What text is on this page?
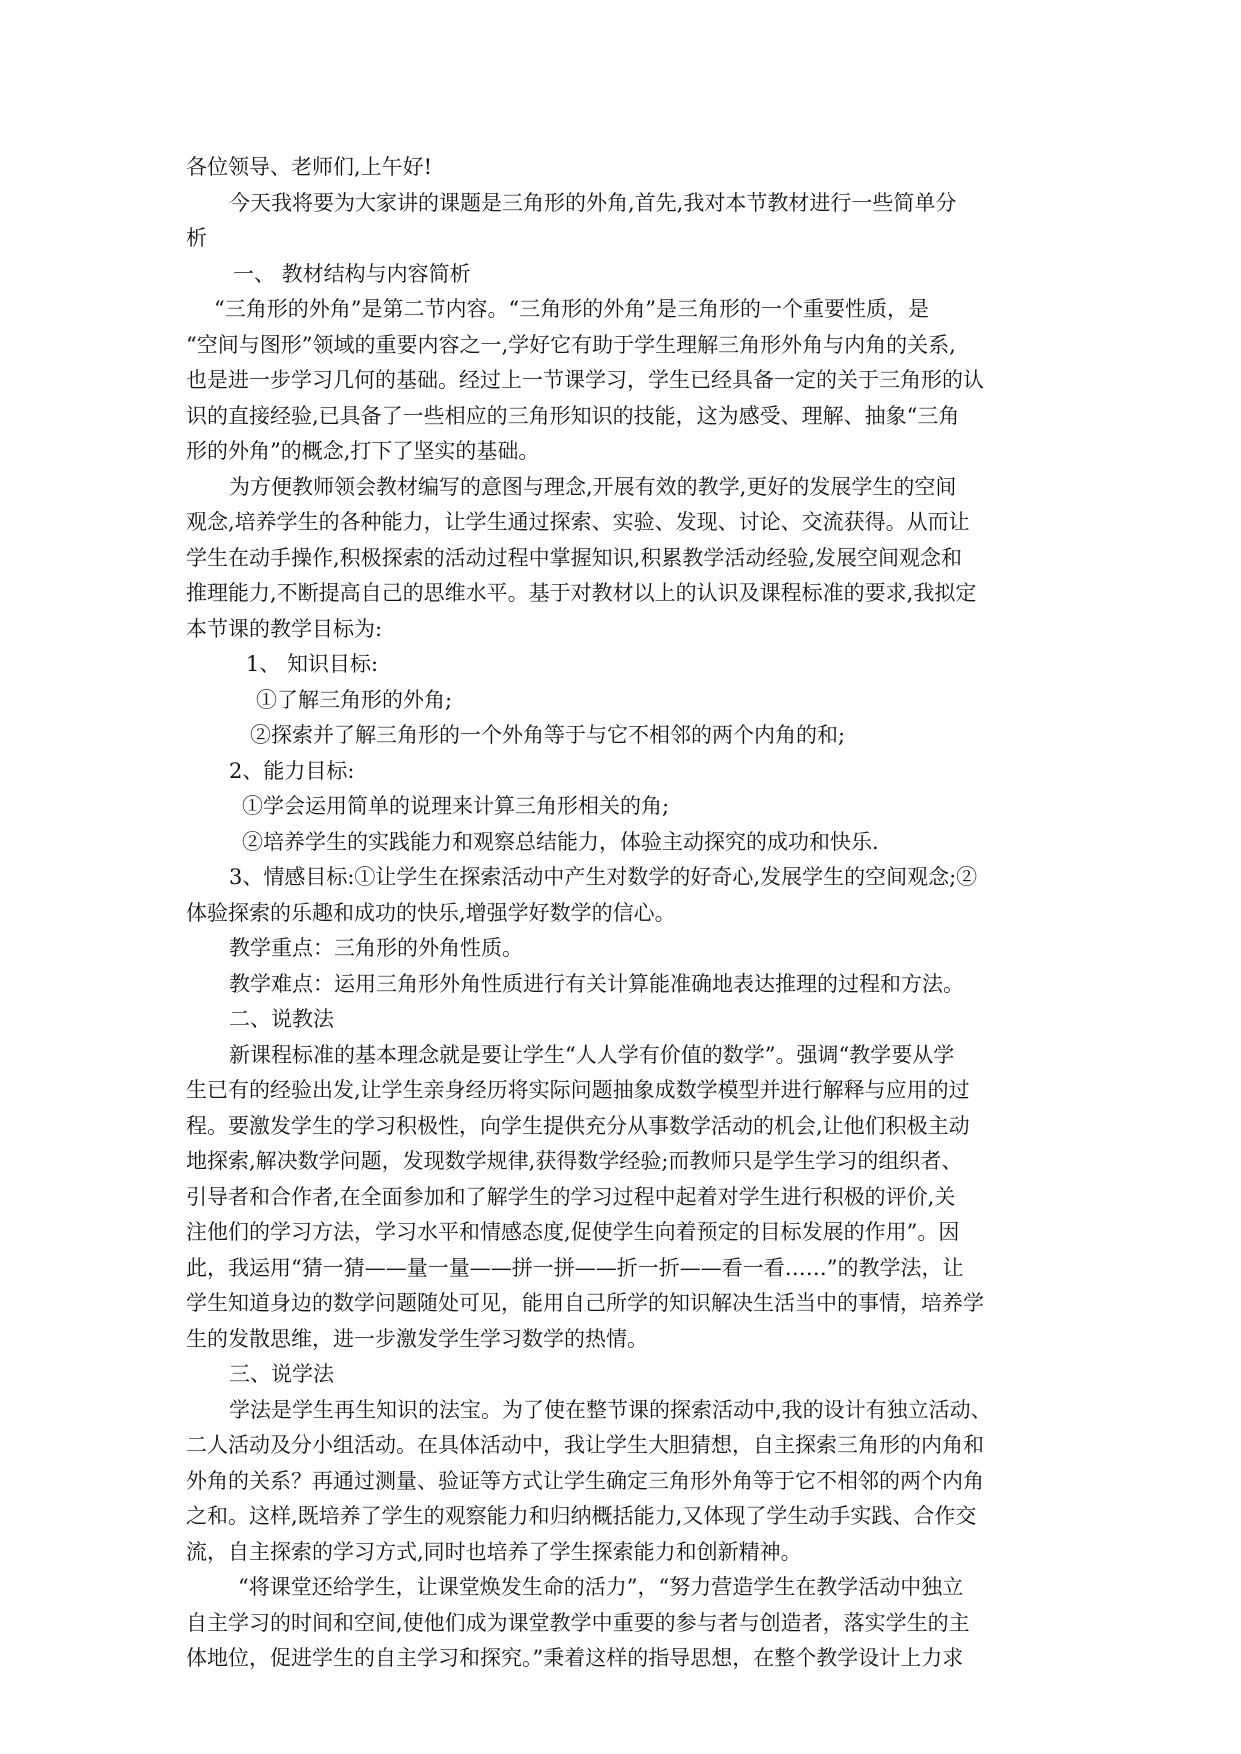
各位领导、老师们,上午好!
今天我将要为大家讲的课题是三角形的外角,首先,我对本节教材进行一些简单分
析
一、 教材结构与内容简析
“三角形的外角”是第二节内容。“三角形的外角”是三角形的一个重要性质，是
“空间与图形”领域的重要内容之一,学好它有助于学生理解三角形外角与内角的关系,
也是进一步学习几何的基础。经过上一节课学习，学生已经具备一定的关于三角形的认
识的直接经验,已具备了一些相应的三角形知识的技能，这为感受、理解、抽象“三角
形的外角”的概念,打下了坚实的基础。
为方便教师领会教材编写的意图与理念,开展有效的教学,更好的发展学生的空间
观念,培养学生的各种能力，让学生通过探索、实验、发现、讨论、交流获得。从而让
学生在动手操作,积极探索的活动过程中掌握知识,积累教学活动经验,发展空间观念和
推理能力,不断提高自己的思维水平。基于对教材以上的认识及课程标准的要求,我拟定
本节课的教学目标为:
1、 知识目标:
①了解三角形的外角;
②探索并了解三角形的一个外角等于与它不相邻的两个内角的和;
2、能力目标:
①学会运用简单的说理来计算三角形相关的角;
②培养学生的实践能力和观察总结能力，体验主动探究的成功和快乐.
3、情感目标:①让学生在探索活动中产生对数学的好奇心,发展学生的空间观念;②
体验探索的乐趣和成功的快乐,增强学好数学的信心。
教学重点：三角形的外角性质。
教学难点：运用三角形外角性质进行有关计算能准确地表达推理的过程和方法。
二、说教法
新课程标准的基本理念就是要让学生“人人学有价值的数学”。强调“教学要从学
生已有的经验出发,让学生亲身经历将实际问题抽象成数学模型并进行解释与应用的过
程。要激发学生的学习积极性，向学生提供充分从事数学活动的机会,让他们积极主动
地探索,解决数学问题，发现数学规律,获得数学经验;而教师只是学生学习的组织者、
引导者和合作者,在全面参加和了解学生的学习过程中起着对学生进行积极的评价,关
注他们的学习方法，学习水平和情感态度,促使学生向着预定的目标发展的作用”。因
此，我运用“猜一猜——量一量——拼一拼——折一折——看一看……”的教学法，让
学生知道身边的数学问题随处可见，能用自己所学的知识解决生活当中的事情，培养学
生的发散思维，进一步激发学生学习数学的热情。
三、说学法
学法是学生再生知识的法宝。为了使在整节课的探索活动中,我的设计有独立活动、
二人活动及分小组活动。在具体活动中，我让学生大胆猜想，自主探索三角形的内角和
外角的关系？再通过测量、验证等方式让学生确定三角形外角等于它不相邻的两个内角
之和。这样,既培养了学生的观察能力和归纳概括能力,又体现了学生动手实践、合作交
流，自主探索的学习方式,同时也培养了学生探索能力和创新精神。
“将课堂还给学生，让课堂焕发生命的活力”，“努力营造学生在教学活动中独立
自主学习的时间和空间,使他们成为课堂教学中重要的参与者与创造者，落实学生的主
体地位，促进学生的自主学习和探究。”秉着这样的指导思想，在整个教学设计上力求
